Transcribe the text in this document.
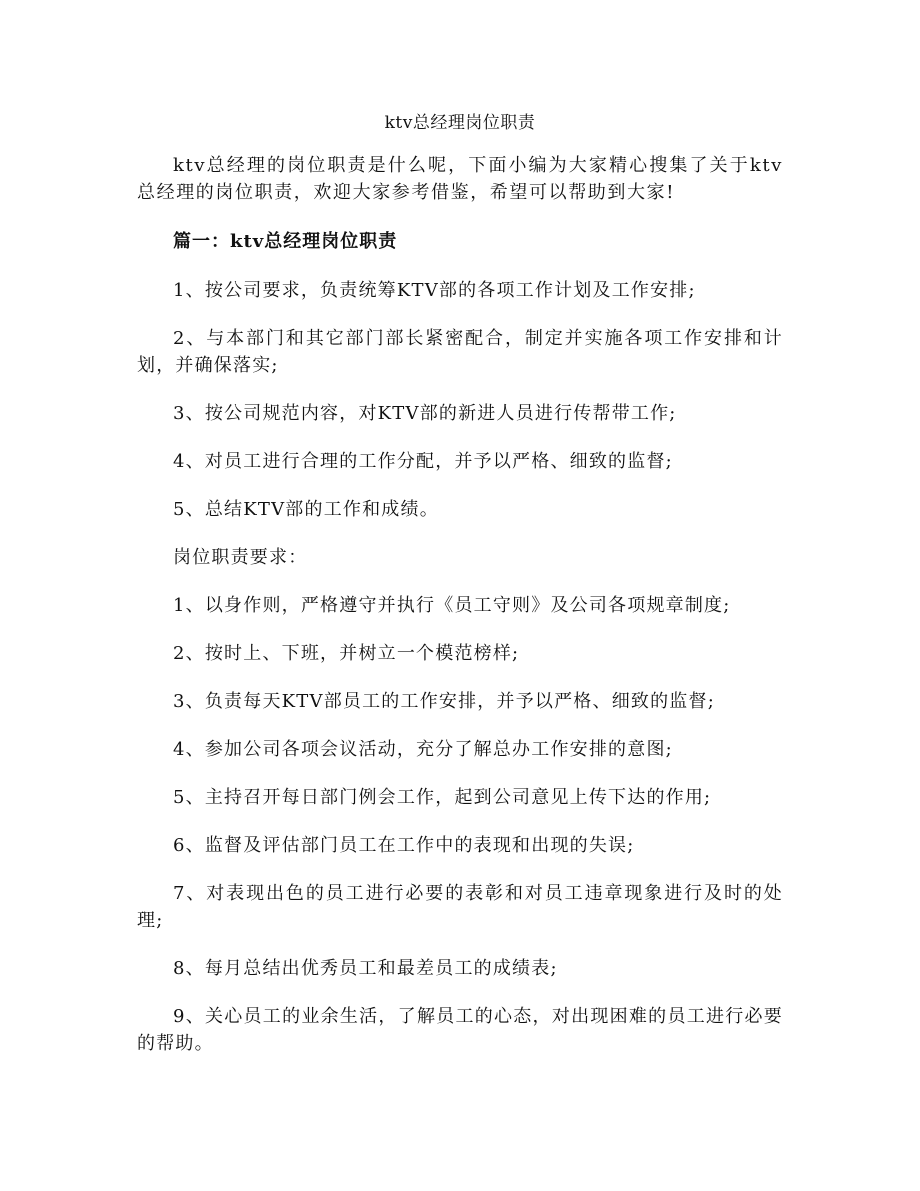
ktv总经理岗位职责

ktv总经理的岗位职责是什么呢，下面小编为大家精心搜集了关于ktv总经理的岗位职责，欢迎大家参考借鉴，希望可以帮助到大家!

篇一：ktv总经理岗位职责

1、按公司要求，负责统筹KTV部的各项工作计划及工作安排;

2、与本部门和其它部门部长紧密配合，制定并实施各项工作安排和计划，并确保落实;

3、按公司规范内容，对KTV部的新进人员进行传帮带工作;

4、对员工进行合理的工作分配，并予以严格、细致的监督;

5、总结KTV部的工作和成绩。

岗位职责要求：

1、以身作则，严格遵守并执行《员工守则》及公司各项规章制度;

2、按时上、下班，并树立一个模范榜样;

3、负责每天KTV部员工的工作安排，并予以严格、细致的监督;

4、参加公司各项会议活动，充分了解总办工作安排的意图;

5、主持召开每日部门例会工作，起到公司意见上传下达的作用;

6、监督及评估部门员工在工作中的表现和出现的失误;

7、对表现出色的员工进行必要的表彰和对员工违章现象进行及时的处理;

8、每月总结出优秀员工和最差员工的成绩表;

9、关心员工的业余生活，了解员工的心态，对出现困难的员工进行必要的帮助。
